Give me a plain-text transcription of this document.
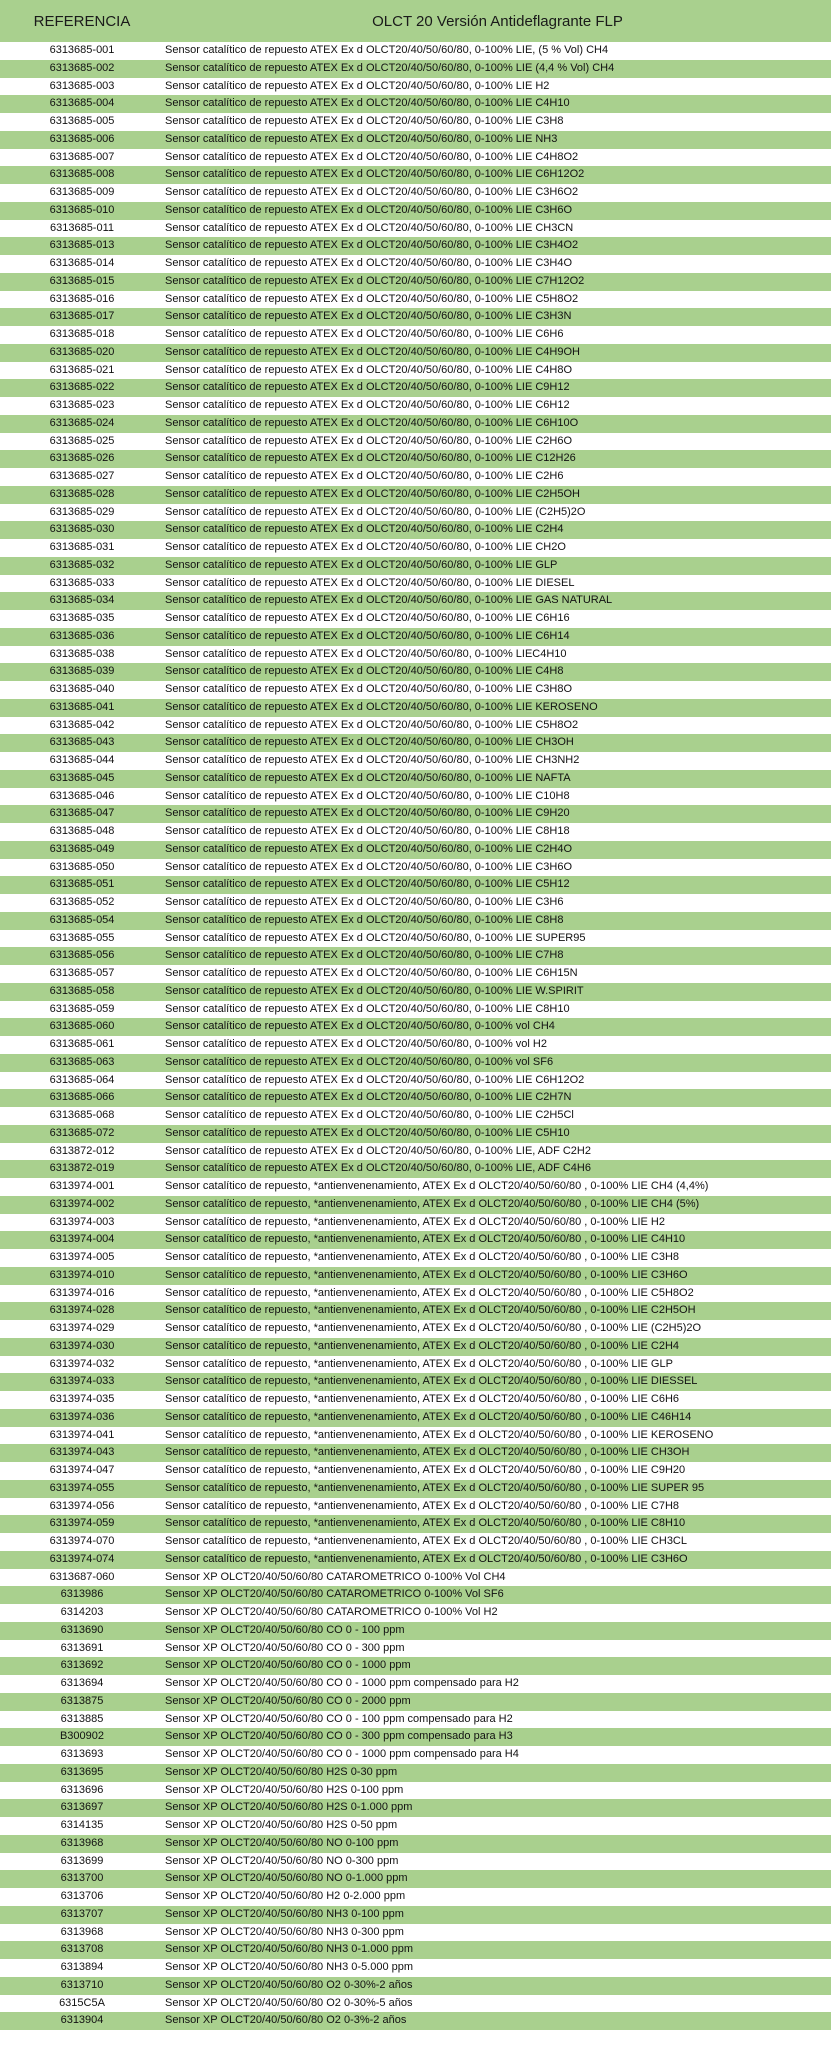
REFERENCIA	OLCT 20 Versión Antideflagrante FLP
6313685-001	Sensor catalítico de repuesto ATEX Ex d OLCT20/40/50/60/80, 0-100% LIE, (5 % Vol) CH4
6313685-002	Sensor catalítico de repuesto ATEX Ex d OLCT20/40/50/60/80, 0-100% LIE (4,4 % Vol) CH4
6313685-003	Sensor catalítico de repuesto ATEX Ex d OLCT20/40/50/60/80, 0-100% LIE H2
6313685-004	Sensor catalítico de repuesto ATEX Ex d OLCT20/40/50/60/80, 0-100% LIE C4H10
6313685-005	Sensor catalítico de repuesto ATEX Ex d OLCT20/40/50/60/80, 0-100% LIE C3H8
6313685-006	Sensor catalítico de repuesto ATEX Ex d OLCT20/40/50/60/80, 0-100% LIE NH3
6313685-007	Sensor catalítico de repuesto ATEX Ex d OLCT20/40/50/60/80, 0-100% LIE C4H8O2
6313685-008	Sensor catalítico de repuesto ATEX Ex d OLCT20/40/50/60/80, 0-100% LIE C6H12O2
6313685-009	Sensor catalítico de repuesto ATEX Ex d OLCT20/40/50/60/80, 0-100% LIE C3H6O2
6313685-010	Sensor catalítico de repuesto ATEX Ex d OLCT20/40/50/60/80, 0-100% LIE C3H6O
6313685-011	Sensor catalítico de repuesto ATEX Ex d OLCT20/40/50/60/80, 0-100% LIE CH3CN
6313685-013	Sensor catalítico de repuesto ATEX Ex d OLCT20/40/50/60/80, 0-100% LIE C3H4O2
6313685-014	Sensor catalítico de repuesto ATEX Ex d OLCT20/40/50/60/80, 0-100% LIE C3H4O
6313685-015	Sensor catalítico de repuesto ATEX Ex d OLCT20/40/50/60/80, 0-100% LIE C7H12O2
6313685-016	Sensor catalítico de repuesto ATEX Ex d OLCT20/40/50/60/80, 0-100% LIE C5H8O2
6313685-017	Sensor catalítico de repuesto ATEX Ex d OLCT20/40/50/60/80, 0-100% LIE C3H3N
6313685-018	Sensor catalítico de repuesto ATEX Ex d OLCT20/40/50/60/80, 0-100% LIE C6H6
6313685-020	Sensor catalítico de repuesto ATEX Ex d OLCT20/40/50/60/80, 0-100% LIE C4H9OH
6313685-021	Sensor catalítico de repuesto ATEX Ex d OLCT20/40/50/60/80, 0-100% LIE C4H8O
6313685-022	Sensor catalítico de repuesto ATEX Ex d OLCT20/40/50/60/80, 0-100% LIE C9H12
6313685-023	Sensor catalítico de repuesto ATEX Ex d OLCT20/40/50/60/80, 0-100% LIE C6H12
6313685-024	Sensor catalítico de repuesto ATEX Ex d OLCT20/40/50/60/80, 0-100% LIE C6H10O
6313685-025	Sensor catalítico de repuesto ATEX Ex d OLCT20/40/50/60/80, 0-100% LIE C2H6O
6313685-026	Sensor catalítico de repuesto ATEX Ex d OLCT20/40/50/60/80, 0-100% LIE C12H26
6313685-027	Sensor catalítico de repuesto ATEX Ex d OLCT20/40/50/60/80, 0-100% LIE C2H6
6313685-028	Sensor catalítico de repuesto ATEX Ex d OLCT20/40/50/60/80, 0-100% LIE C2H5OH
6313685-029	Sensor catalítico de repuesto ATEX Ex d OLCT20/40/50/60/80, 0-100% LIE (C2H5)2O
6313685-030	Sensor catalítico de repuesto ATEX Ex d OLCT20/40/50/60/80, 0-100% LIE C2H4
6313685-031	Sensor catalítico de repuesto ATEX Ex d OLCT20/40/50/60/80, 0-100% LIE CH2O
6313685-032	Sensor catalítico de repuesto ATEX Ex d OLCT20/40/50/60/80, 0-100% LIE GLP
6313685-033	Sensor catalítico de repuesto ATEX Ex d OLCT20/40/50/60/80, 0-100% LIE DIESEL
6313685-034	Sensor catalítico de repuesto ATEX Ex d OLCT20/40/50/60/80, 0-100% LIE GAS NATURAL
6313685-035	Sensor catalítico de repuesto ATEX Ex d OLCT20/40/50/60/80, 0-100% LIE C6H16
6313685-036	Sensor catalítico de repuesto ATEX Ex d OLCT20/40/50/60/80, 0-100% LIE C6H14
6313685-038	Sensor catalítico de repuesto ATEX Ex d OLCT20/40/50/60/80, 0-100% LIEC4H10
6313685-039	Sensor catalítico de repuesto ATEX Ex d OLCT20/40/50/60/80, 0-100% LIE C4H8
6313685-040	Sensor catalítico de repuesto ATEX Ex d OLCT20/40/50/60/80, 0-100% LIE C3H8O
6313685-041	Sensor catalítico de repuesto ATEX Ex d OLCT20/40/50/60/80, 0-100% LIE KEROSENO
6313685-042	Sensor catalítico de repuesto ATEX Ex d OLCT20/40/50/60/80, 0-100% LIE C5H8O2
6313685-043	Sensor catalítico de repuesto ATEX Ex d OLCT20/40/50/60/80, 0-100% LIE CH3OH
6313685-044	Sensor catalítico de repuesto ATEX Ex d OLCT20/40/50/60/80, 0-100% LIE CH3NH2
6313685-045	Sensor catalítico de repuesto ATEX Ex d OLCT20/40/50/60/80, 0-100% LIE NAFTA
6313685-046	Sensor catalítico de repuesto ATEX Ex d OLCT20/40/50/60/80, 0-100% LIE C10H8
6313685-047	Sensor catalítico de repuesto ATEX Ex d OLCT20/40/50/60/80, 0-100% LIE C9H20
6313685-048	Sensor catalítico de repuesto ATEX Ex d OLCT20/40/50/60/80, 0-100% LIE C8H18
6313685-049	Sensor catalítico de repuesto ATEX Ex d OLCT20/40/50/60/80, 0-100% LIE C2H4O
6313685-050	Sensor catalítico de repuesto ATEX Ex d OLCT20/40/50/60/80, 0-100% LIE C3H6O
6313685-051	Sensor catalítico de repuesto ATEX Ex d OLCT20/40/50/60/80, 0-100% LIE C5H12
6313685-052	Sensor catalítico de repuesto ATEX Ex d OLCT20/40/50/60/80, 0-100% LIE C3H6
6313685-054	Sensor catalítico de repuesto ATEX Ex d OLCT20/40/50/60/80, 0-100% LIE C8H8
6313685-055	Sensor catalítico de repuesto ATEX Ex d OLCT20/40/50/60/80, 0-100% LIE SUPER95
6313685-056	Sensor catalítico de repuesto ATEX Ex d OLCT20/40/50/60/80, 0-100% LIE C7H8
6313685-057	Sensor catalítico de repuesto ATEX Ex d OLCT20/40/50/60/80, 0-100% LIE C6H15N
6313685-058	Sensor catalítico de repuesto ATEX Ex d OLCT20/40/50/60/80, 0-100% LIE W.SPIRIT
6313685-059	Sensor catalítico de repuesto ATEX Ex d OLCT20/40/50/60/80, 0-100% LIE C8H10
6313685-060	Sensor catalítico de repuesto ATEX Ex d OLCT20/40/50/60/80, 0-100% vol CH4
6313685-061	Sensor catalítico de repuesto ATEX Ex d OLCT20/40/50/60/80, 0-100% vol H2
6313685-063	Sensor catalítico de repuesto ATEX Ex d OLCT20/40/50/60/80, 0-100% vol SF6
6313685-064	Sensor catalítico de repuesto ATEX Ex d OLCT20/40/50/60/80, 0-100% LIE C6H12O2
6313685-066	Sensor catalítico de repuesto ATEX Ex d OLCT20/40/50/60/80, 0-100% LIE C2H7N
6313685-068	Sensor catalítico de repuesto ATEX Ex d OLCT20/40/50/60/80, 0-100% LIE C2H5Cl
6313685-072	Sensor catalítico de repuesto ATEX Ex d OLCT20/40/50/60/80, 0-100% LIE C5H10
6313872-012	Sensor catalítico de repuesto ATEX Ex d OLCT20/40/50/60/80, 0-100% LIE, ADF C2H2
6313872-019	Sensor catalítico de repuesto ATEX Ex d OLCT20/40/50/60/80, 0-100% LIE, ADF C4H6
6313974-001	Sensor catalítico de repuesto, *antienvenenamiento, ATEX Ex d OLCT20/40/50/60/80 , 0-100% LIE CH4 (4,4%)
6313974-002	Sensor catalítico de repuesto, *antienvenenamiento, ATEX Ex d OLCT20/40/50/60/80 , 0-100% LIE CH4 (5%)
6313974-003	Sensor catalítico de repuesto, *antienvenenamiento, ATEX Ex d OLCT20/40/50/60/80 , 0-100% LIE H2
6313974-004	Sensor catalítico de repuesto, *antienvenenamiento, ATEX Ex d OLCT20/40/50/60/80 , 0-100% LIE C4H10
6313974-005	Sensor catalítico de repuesto, *antienvenenamiento, ATEX Ex d OLCT20/40/50/60/80 , 0-100% LIE C3H8
6313974-010	Sensor catalítico de repuesto, *antienvenenamiento, ATEX Ex d OLCT20/40/50/60/80 , 0-100% LIE C3H6O
6313974-016	Sensor catalítico de repuesto, *antienvenenamiento, ATEX Ex d OLCT20/40/50/60/80 , 0-100% LIE C5H8O2
6313974-028	Sensor catalítico de repuesto, *antienvenenamiento, ATEX Ex d OLCT20/40/50/60/80 , 0-100% LIE C2H5OH
6313974-029	Sensor catalítico de repuesto, *antienvenenamiento, ATEX Ex d OLCT20/40/50/60/80 , 0-100% LIE (C2H5)2O
6313974-030	Sensor catalítico de repuesto, *antienvenenamiento, ATEX Ex d OLCT20/40/50/60/80 , 0-100% LIE C2H4
6313974-032	Sensor catalítico de repuesto, *antienvenenamiento, ATEX Ex d OLCT20/40/50/60/80 , 0-100% LIE GLP
6313974-033	Sensor catalítico de repuesto, *antienvenenamiento, ATEX Ex d OLCT20/40/50/60/80 , 0-100% LIE DIESSEL
6313974-035	Sensor catalítico de repuesto, *antienvenenamiento, ATEX Ex d OLCT20/40/50/60/80 , 0-100% LIE C6H6
6313974-036	Sensor catalítico de repuesto, *antienvenenamiento, ATEX Ex d OLCT20/40/50/60/80 , 0-100% LIE C46H14
6313974-041	Sensor catalítico de repuesto, *antienvenenamiento, ATEX Ex d OLCT20/40/50/60/80 , 0-100% LIE KEROSENO
6313974-043	Sensor catalítico de repuesto, *antienvenenamiento, ATEX Ex d OLCT20/40/50/60/80 , 0-100% LIE CH3OH
6313974-047	Sensor catalítico de repuesto, *antienvenenamiento, ATEX Ex d OLCT20/40/50/60/80 , 0-100% LIE C9H20
6313974-055	Sensor catalítico de repuesto, *antienvenenamiento, ATEX Ex d OLCT20/40/50/60/80 , 0-100% LIE SUPER 95
6313974-056	Sensor catalítico de repuesto, *antienvenenamiento, ATEX Ex d OLCT20/40/50/60/80 , 0-100% LIE C7H8
6313974-059	Sensor catalítico de repuesto, *antienvenenamiento, ATEX Ex d OLCT20/40/50/60/80 , 0-100% LIE C8H10
6313974-070	Sensor catalítico de repuesto, *antienvenenamiento, ATEX Ex d OLCT20/40/50/60/80 , 0-100% LIE CH3CL
6313974-074	Sensor catalítico de repuesto, *antienvenenamiento, ATEX Ex d OLCT20/40/50/60/80 , 0-100% LIE C3H6O
6313687-060	Sensor XP OLCT20/40/50/60/80 CATAROMETRICO 0-100% Vol CH4
6313986	Sensor XP OLCT20/40/50/60/80 CATAROMETRICO 0-100% Vol SF6
6314203	Sensor XP OLCT20/40/50/60/80 CATAROMETRICO 0-100% Vol H2
6313690	Sensor XP OLCT20/40/50/60/80 CO 0 - 100 ppm
6313691	Sensor XP OLCT20/40/50/60/80 CO 0 - 300 ppm
6313692	Sensor XP OLCT20/40/50/60/80 CO 0 - 1000 ppm
6313694	Sensor XP OLCT20/40/50/60/80 CO 0 - 1000 ppm compensado para H2
6313875	Sensor XP OLCT20/40/50/60/80 CO 0 - 2000 ppm
6313885	Sensor XP OLCT20/40/50/60/80 CO 0 - 100 ppm compensado para H2
B300902	Sensor XP OLCT20/40/50/60/80 CO 0 - 300 ppm compensado para H3
6313693	Sensor XP OLCT20/40/50/60/80 CO 0 - 1000 ppm compensado para H4
6313695	Sensor XP OLCT20/40/50/60/80 H2S 0-30 ppm
6313696	Sensor XP OLCT20/40/50/60/80 H2S 0-100 ppm
6313697	Sensor XP OLCT20/40/50/60/80 H2S 0-1.000 ppm
6314135	Sensor XP OLCT20/40/50/60/80 H2S 0-50 ppm
6313968	Sensor XP OLCT20/40/50/60/80 NO 0-100 ppm
6313699	Sensor XP OLCT20/40/50/60/80 NO 0-300 ppm
6313700	Sensor XP OLCT20/40/50/60/80 NO 0-1.000 ppm
6313706	Sensor XP OLCT20/40/50/60/80 H2 0-2.000 ppm
6313707	Sensor XP OLCT20/40/50/60/80 NH3 0-100 ppm
6313968	Sensor XP OLCT20/40/50/60/80 NH3 0-300 ppm
6313708	Sensor XP OLCT20/40/50/60/80 NH3 0-1.000 ppm
6313894	Sensor XP OLCT20/40/50/60/80 NH3 0-5.000 ppm
6313710	Sensor XP OLCT20/40/50/60/80 O2 0-30%-2 años
6315C5A	Sensor XP OLCT20/40/50/60/80 O2 0-30%-5 años
6313904	Sensor XP OLCT20/40/50/60/80 O2 0-3%-2 años
